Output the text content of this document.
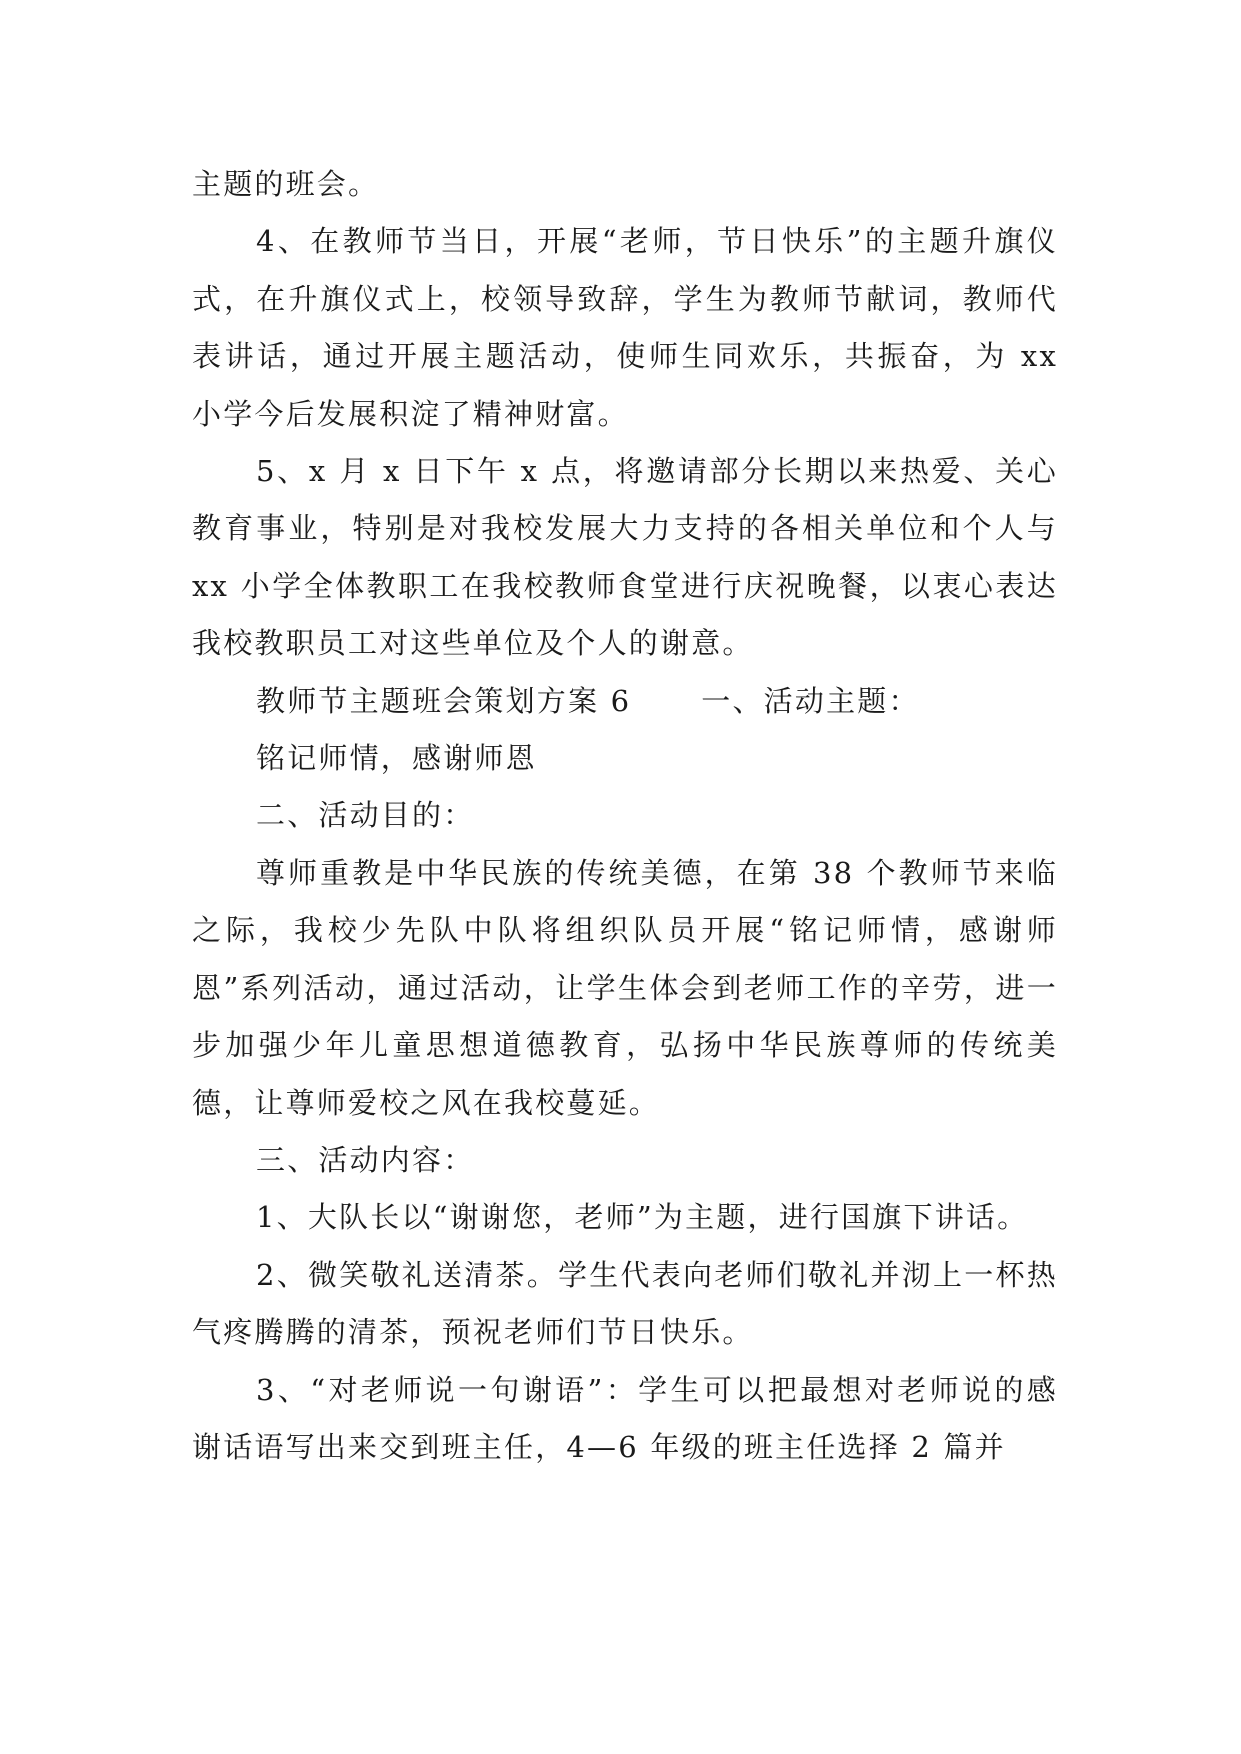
主题的班会。

4、在教师节当日，开展“老师，节日快乐”的主题升旗仪式，在升旗仪式上，校领导致辞，学生为教师节献词，教师代表讲话，通过开展主题活动，使师生同欢乐，共振奋，为 xx 小学今后发展积淀了精神财富。

5、x 月 x 日下午 x 点，将邀请部分长期以来热爱、关心教育事业，特别是对我校发展大力支持的各相关单位和个人与 xx 小学全体教职工在我校教师食堂进行庆祝晚餐，以衷心表达我校教职员工对这些单位及个人的谢意。

教师节主题班会策划方案 6 一、活动主题：

铭记师情，感谢师恩

二、活动目的：

尊师重教是中华民族的传统美德，在第 38 个教师节来临之际，我校少先队中队将组织队员开展“铭记师情，感谢师恩”系列活动，通过活动，让学生体会到老师工作的辛劳，进一步加强少年儿童思想道德教育，弘扬中华民族尊师的传统美德，让尊师爱校之风在我校蔓延。

三、活动内容：

1、大队长以“谢谢您，老师”为主题，进行国旗下讲话。

2、微笑敬礼送清茶。学生代表向老师们敬礼并沏上一杯热气疼腾腾的清茶，预祝老师们节日快乐。

3、“对老师说一句谢语”：学生可以把最想对老师说的感谢话语写出来交到班主任，4—6 年级的班主任选择 2 篇并
